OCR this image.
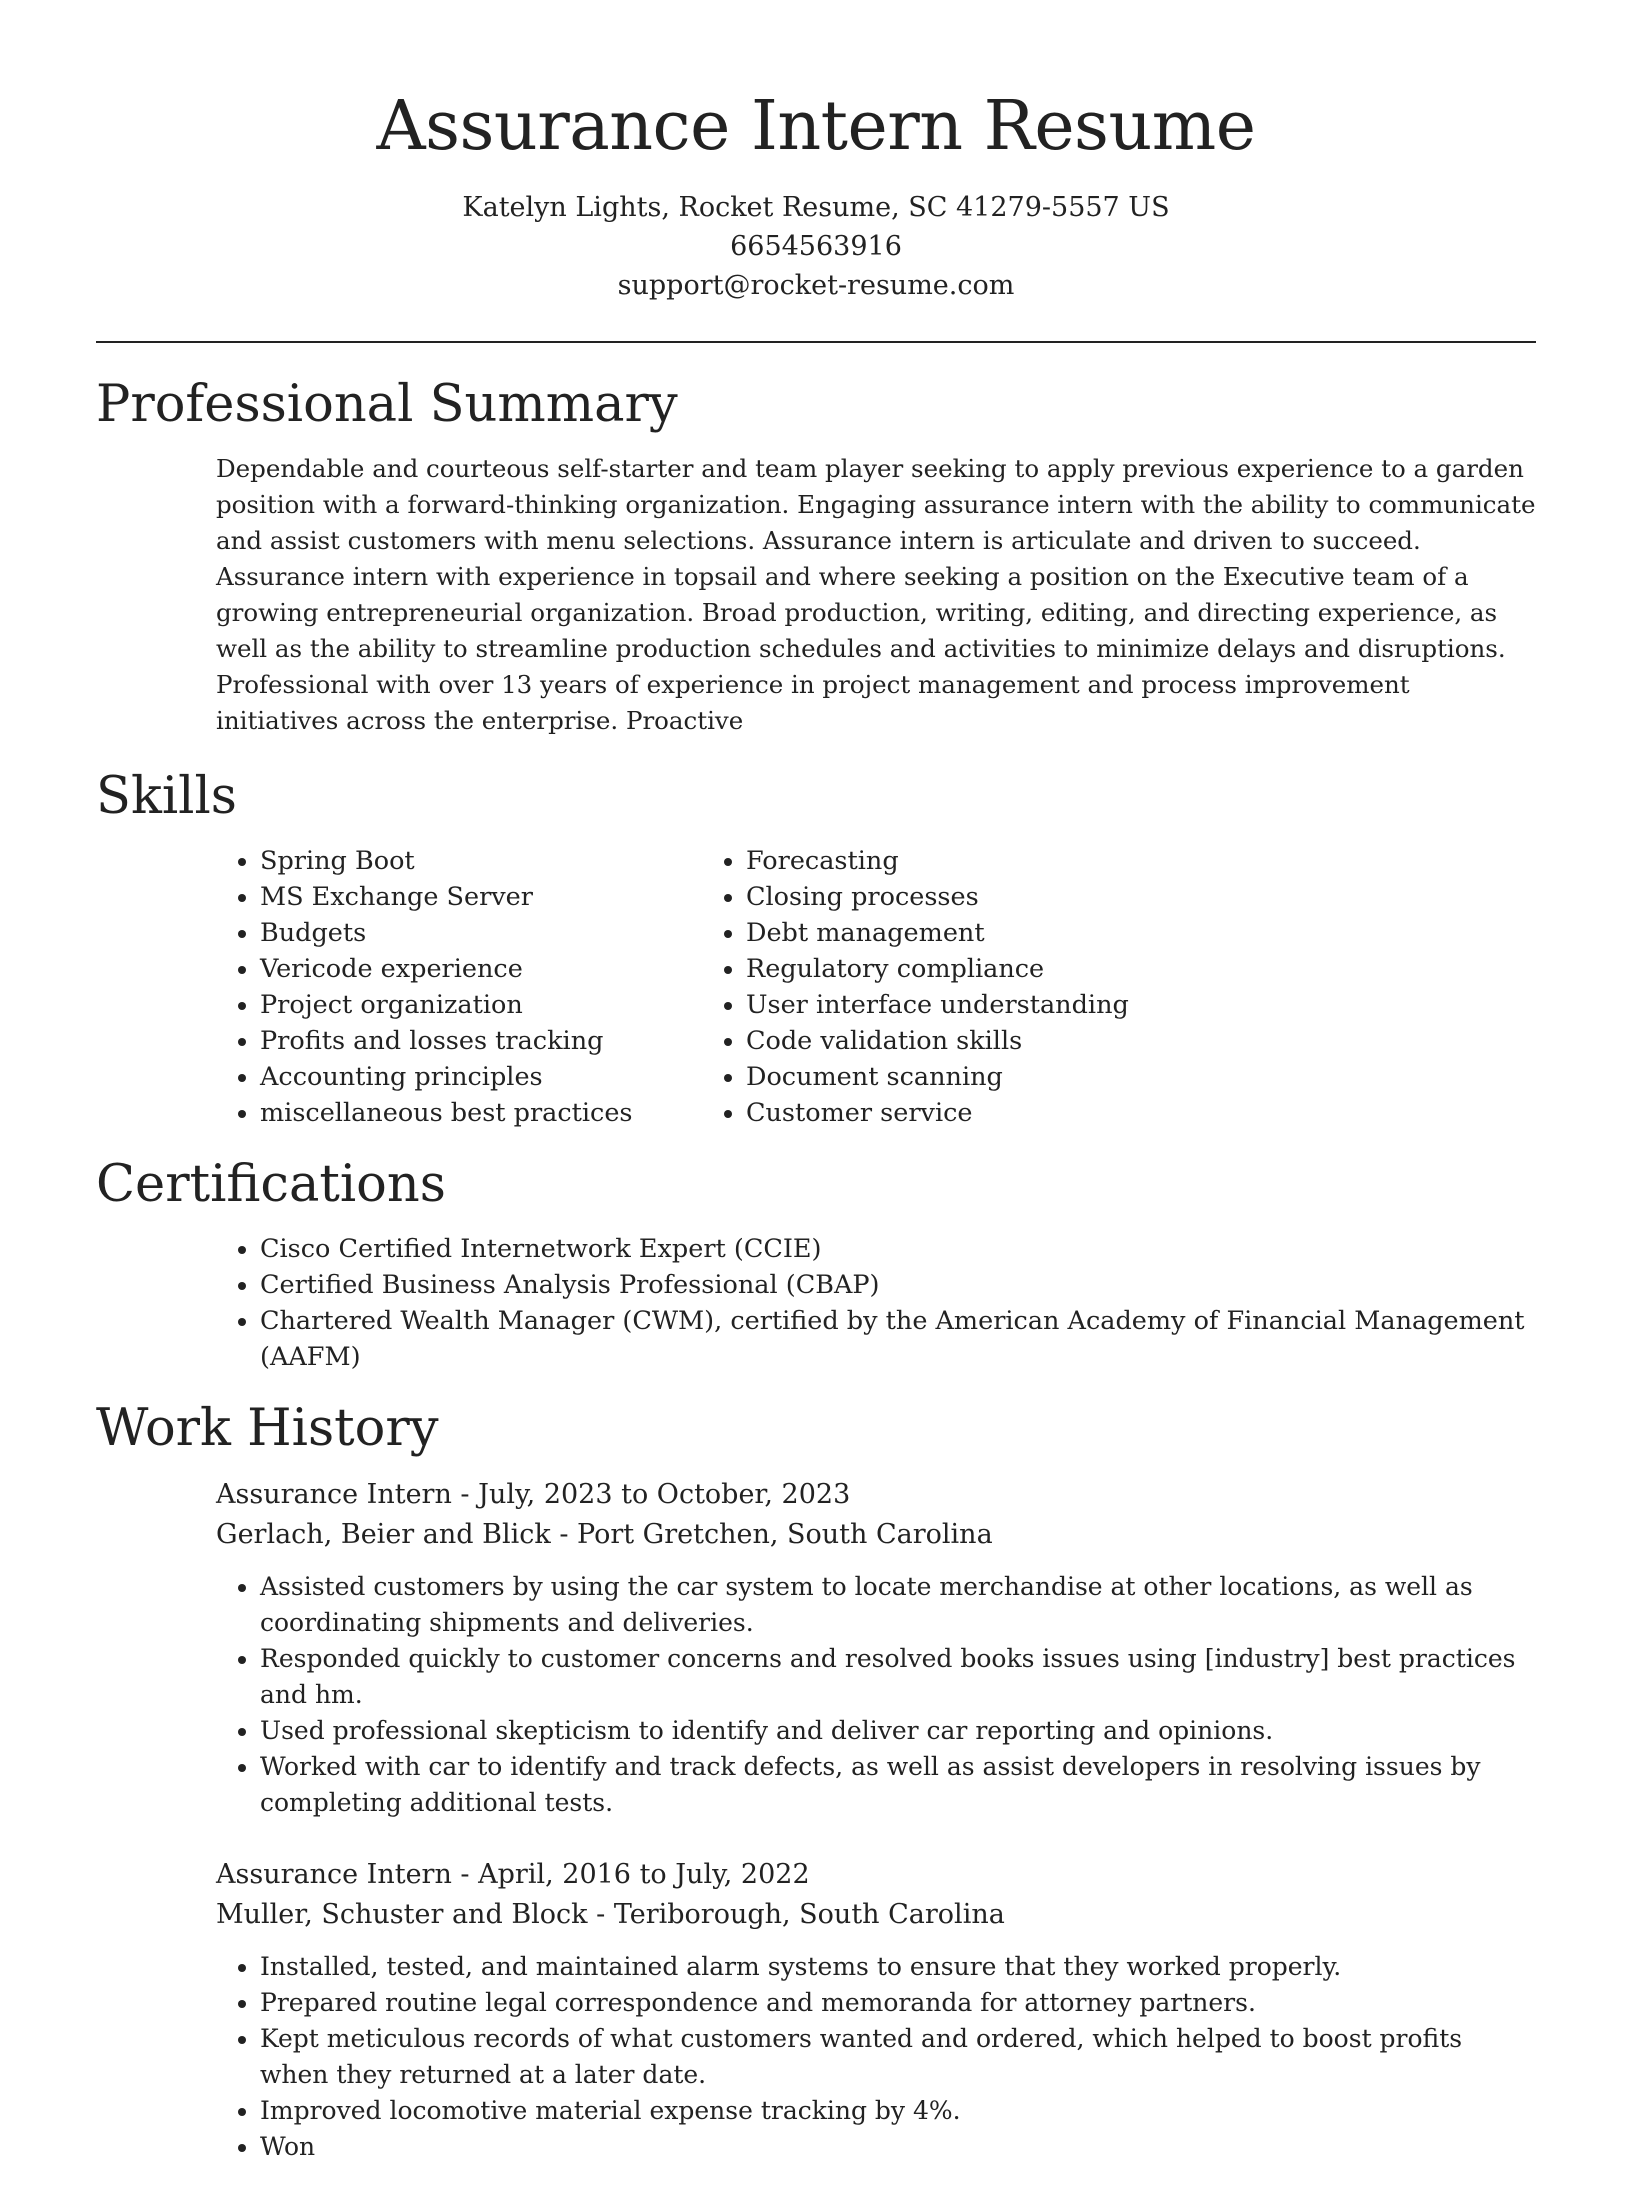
Assurance Intern Resume
Katelyn Lights, Rocket Resume, SC 41279-5557 US
6654563916
support@rocket-resume.com
Professional Summary

Dependable and courteous self-starter and team player seeking to apply previous experience to a garden position with a forward-thinking organization. Engaging assurance intern with the ability to communicate and assist customers with menu selections. Assurance intern is articulate and driven to succeed. Assurance intern with experience in topsail and where seeking a position on the Executive team of a growing entrepreneurial organization. Broad production, writing, editing, and directing experience, as well as the ability to streamline production schedules and activities to minimize delays and disruptions. Professional with over 13 years of experience in project management and process improvement initiatives across the enterprise. Proactive

Skills
• Spring Boot
• MS Exchange Server
• Budgets
• Vericode experience
• Project organization
• Profits and losses tracking
• Accounting principles
• miscellaneous best practices
• Forecasting
• Closing processes
• Debt management
• Regulatory compliance
• User interface understanding
• Code validation skills
• Document scanning
• Customer service
Certifications
• Cisco Certified Internetwork Expert (CCIE)
• Certified Business Analysis Professional (CBAP)
• Chartered Wealth Manager (CWM), certified by the American Academy of Financial Management (AAFM)
Work History
Assurance Intern - July, 2023 to October, 2023
Gerlach, Beier and Blick - Port Gretchen, South Carolina
• Assisted customers by using the car system to locate merchandise at other locations, as well as coordinating shipments and deliveries.
• Responded quickly to customer concerns and resolved books issues using [industry] best practices and hm.
• Used professional skepticism to identify and deliver car reporting and opinions.
• Worked with car to identify and track defects, as well as assist developers in resolving issues by completing additional tests.
Assurance Intern - April, 2016 to July, 2022
Muller, Schuster and Block - Teriborough, South Carolina
• Installed, tested, and maintained alarm systems to ensure that they worked properly.
• Prepared routine legal correspondence and memoranda for attorney partners.
• Kept meticulous records of what customers wanted and ordered, which helped to boost profits when they returned at a later date.
• Improved locomotive material expense tracking by 4%.
• Won
